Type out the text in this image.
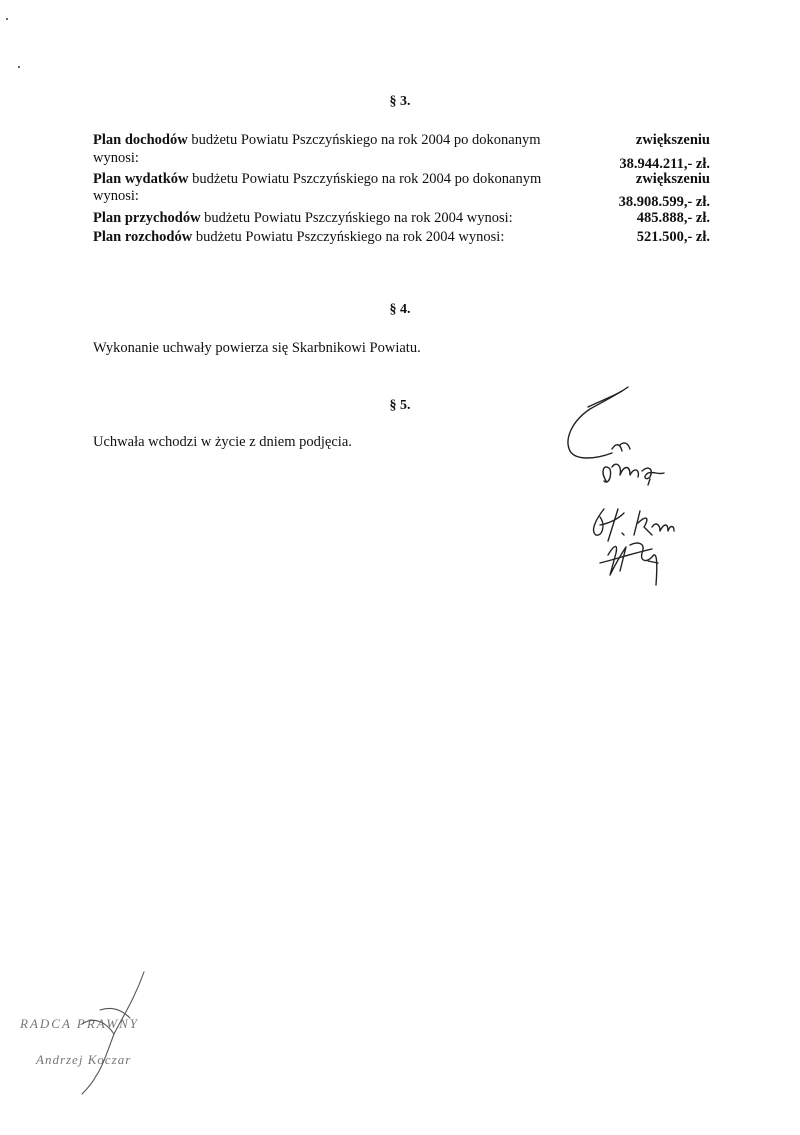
§ 3.
Plan dochodów budżetu Powiatu Pszczyńskiego na rok 2004 po dokonanym	zwiększeniu
wynosi:	38.944.211,- zł.
Plan wydatków budżetu Powiatu Pszczyńskiego na rok 2004 po dokonanym	zwiększeniu
wynosi:	38.908.599,- zł.
Plan przychodów budżetu Powiatu Pszczyńskiego na rok 2004 wynosi:	485.888,- zł.
Plan rozchodów budżetu Powiatu Pszczyńskiego na rok 2004 wynosi:	521.500,- zł.
§ 4.
Wykonanie uchwały powierza się Skarbnikowi Powiatu.
§ 5.
Uchwała wchodzi w życie z dniem podjęcia.
RADCA PRAWNY
Andrzej Koczar
